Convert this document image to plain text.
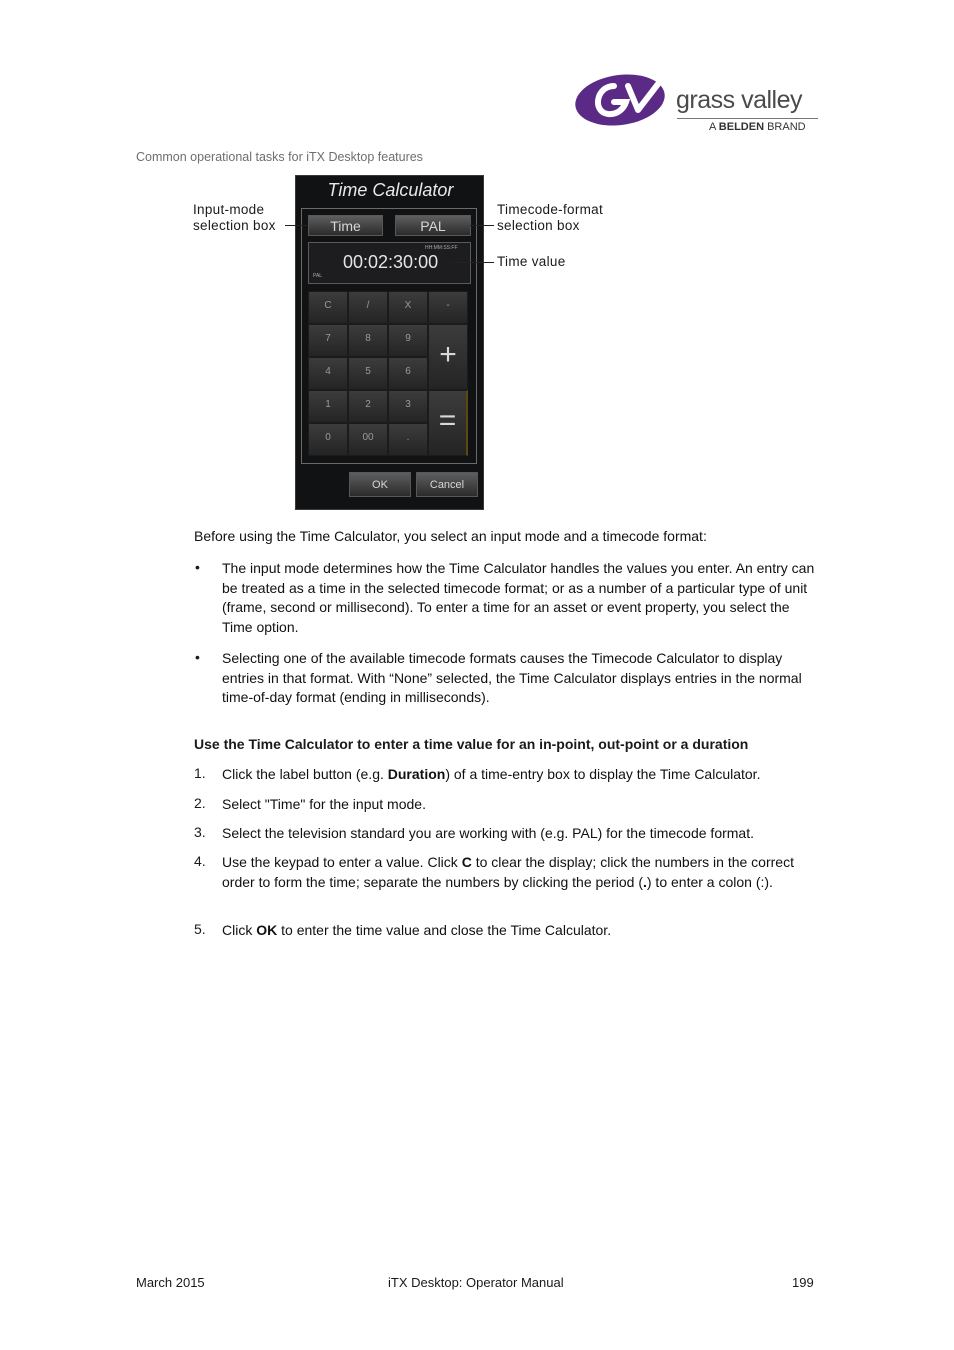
grass valley
A BELDEN BRAND
Common operational tasks for iTX Desktop features
Time Calculator
Time	PAL
HH:MM:SS:FF
00:02:30:00
PAL
C	/	X	-
7	8	9 +
4	5	6
1	2	3 =
0	00	.
OK	Cancel
Input-mode
selection box
Timecode-format
selection box
Time value
Before using the Time Calculator, you select an input mode and a timecode format:
• The input mode determines how the Time Calculator handles the values you enter. An entry can be treated as a time in the selected timecode format; or as a number of a particular type of unit (frame, second or millisecond). To enter a time for an asset or event property, you select the Time option.
• Selecting one of the available timecode formats causes the Timecode Calculator to display entries in that format. With “None” selected, the Time Calculator displays entries in the normal time-of-day format (ending in milliseconds).
Use the Time Calculator to enter a time value for an in-point, out-point or a duration
1. Click the label button (e.g. Duration) of a time-entry box to display the Time Calculator.
2. Select "Time" for the input mode.
3. Select the television standard you are working with (e.g. PAL) for the timecode format.
4. Use the keypad to enter a value. Click C to clear the display; click the numbers in the correct order to form the time; separate the numbers by clicking the period (.) to enter a colon (:).
5. Click OK to enter the time value and close the Time Calculator.
March 2015	iTX Desktop: Operator Manual	199
